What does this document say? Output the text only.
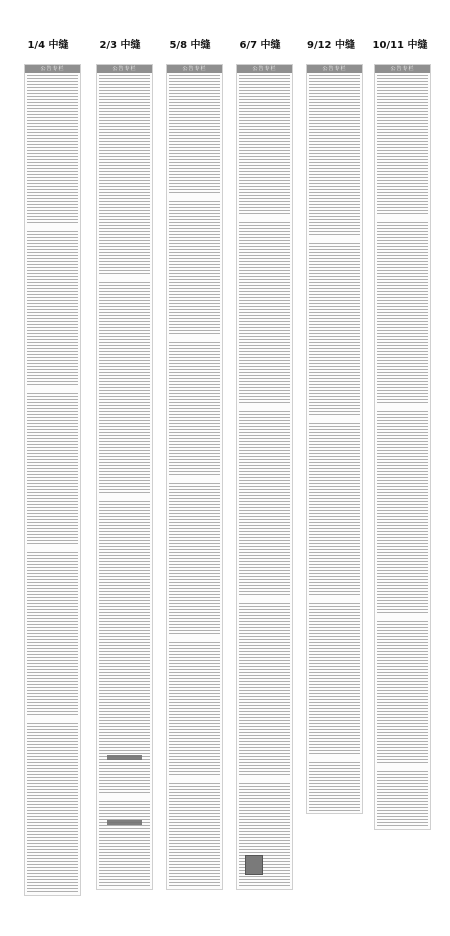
1/4 中缝	2/3 中缝	5/8 中缝	6/7 中缝	9/12 中缝 10/11 中缝
公告专栏	公告专栏	公告专栏	公告专栏	公告专栏	公告专栏
